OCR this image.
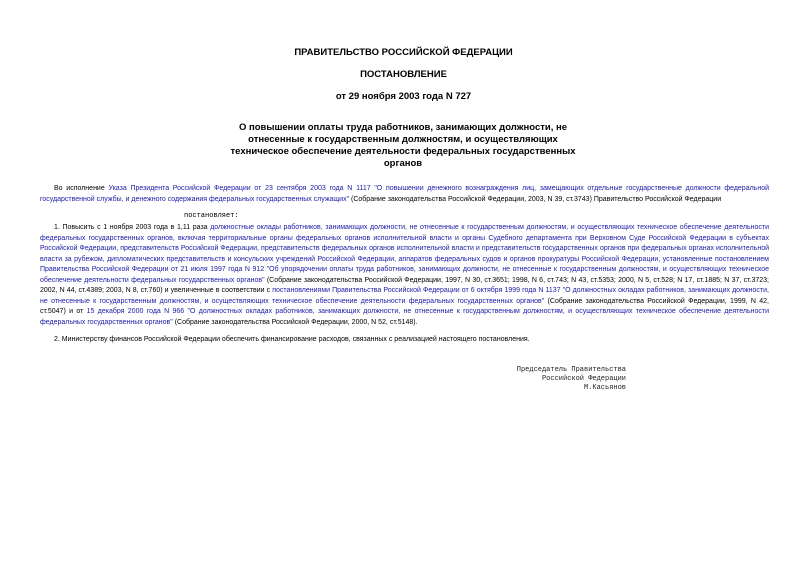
ПРАВИТЕЛЬСТВО РОССИЙСКОЙ ФЕДЕРАЦИИ
ПОСТАНОВЛЕНИЕ
от 29 ноября 2003 года N 727
О повышении оплаты труда работников, занимающих должности, не отнесенные к государственным должностям, и осуществляющих техническое обеспечение деятельности федеральных государственных органов
Во исполнение Указа Президента Российской Федерации от 23 сентября 2003 года N 1117 "О повышении денежного вознаграждения лиц, замещающих отдельные государственные должности федеральной государственной службы, и денежного содержания федеральных государственных служащих" (Собрание законодательства Российской Федерации, 2003, N 39, ст.3743) Правительство Российской Федерации
постановляет:
1. Повысить с 1 ноября 2003 года в 1,11 раза должностные оклады работников, занимающих должности, не отнесенные к государственным должностям, и осуществляющих техническое обеспечение деятельности федеральных государственных органов, включая территориальные органы федеральных органов исполнительной власти и органы Судебного департамента при Верховном Суде Российской Федерации в субъектах Российской Федерации, представительств Российской Федерации, представительств федеральных органов исполнительной власти и представительств государственных органов при федеральных органах исполнительной власти за рубежом, дипломатических представительств и консульских учреждений Российской Федерации, аппаратов федеральных судов и органов прокуратуры Российской Федерации, установленные постановлением Правительства Российской Федерации от 21 июля 1997 года N 912 "Об упорядочении оплаты труда работников, занимающих должности, не отнесенные к государственным должностям, и осуществляющих техническое обеспечение деятельности федеральных государственных органов" (Собрание законодательства Российской Федерации, 1997, N 30, ст.3651; 1998, N 6, ст.743; N 43, ст.5353; 2000, N 5, ст.528; N 17, ст.1885; N 37, ст.3723; 2002, N 44, ст.4389; 2003, N 8, ст.760) и увеличенные в соответствии с постановлениями Правительства Российской Федерации от 6 октября 1999 года N 1137 "О должностных окладах работников, занимающих должности, не отнесенные к государственным должностям, и осуществляющих техническое обеспечение деятельности федеральных государственных органов" (Собрание законодательства Российской Федерации, 1999, N 42, ст.5047) и от 15 декабря 2000 года N 966 "О должностных окладах работников, занимающих должности, не отнесенные к государственным должностям, и осуществляющих техническое обеспечение деятельности федеральных государственных органов" (Собрание законодательства Российской Федерации, 2000, N 52, ст.5148).
2. Министерству финансов Российской Федерации обеспечить финансирование расходов, связанных с реализацией настоящего постановления.
Председатель Правительства
Российской Федерации
М.Касьянов
